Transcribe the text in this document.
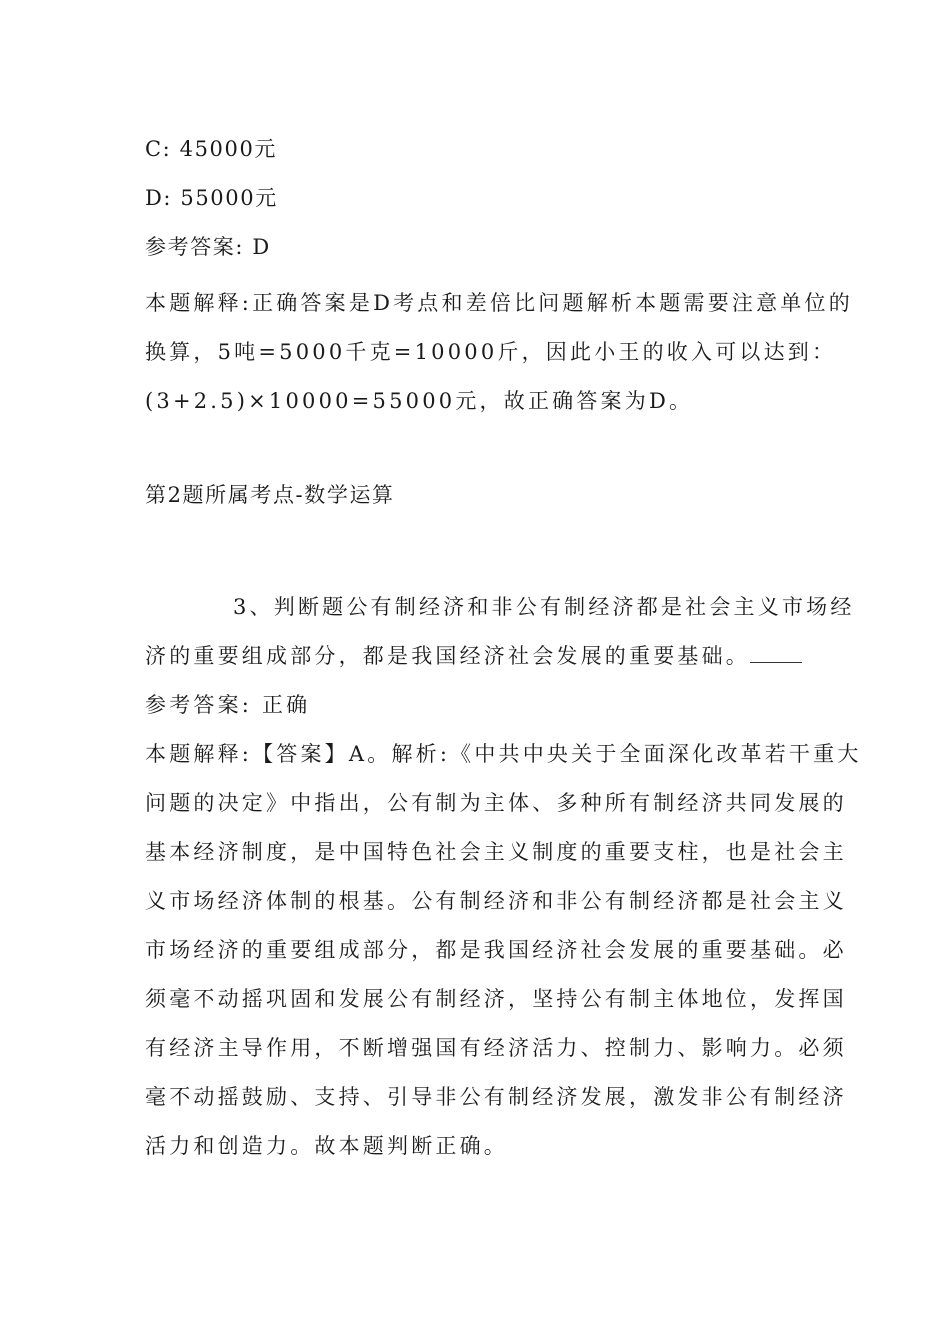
C: 45000元
D: 55000元
参考答案: D
本题解释:正确答案是D考点和差倍比问题解析本题需要注意单位的
换算，5吨=5000千克=10000斤，因此小王的收入可以达到：
(3+2.5)×10000=55000元，故正确答案为D。
第2题所属考点-数学运算
3、判断题公有制经济和非公有制经济都是社会主义市场经
济的重要组成部分，都是我国经济社会发展的重要基础。
参考答案: 正确
本题解释:【答案】A。解析:《中共中央关于全面深化改革若干重大
问题的决定》中指出，公有制为主体、多种所有制经济共同发展的
基本经济制度，是中国特色社会主义制度的重要支柱，也是社会主
义市场经济体制的根基。公有制经济和非公有制经济都是社会主义
市场经济的重要组成部分，都是我国经济社会发展的重要基础。必
须毫不动摇巩固和发展公有制经济，坚持公有制主体地位，发挥国
有经济主导作用，不断增强国有经济活力、控制力、影响力。必须
毫不动摇鼓励、支持、引导非公有制经济发展，激发非公有制经济
活力和创造力。故本题判断正确。
